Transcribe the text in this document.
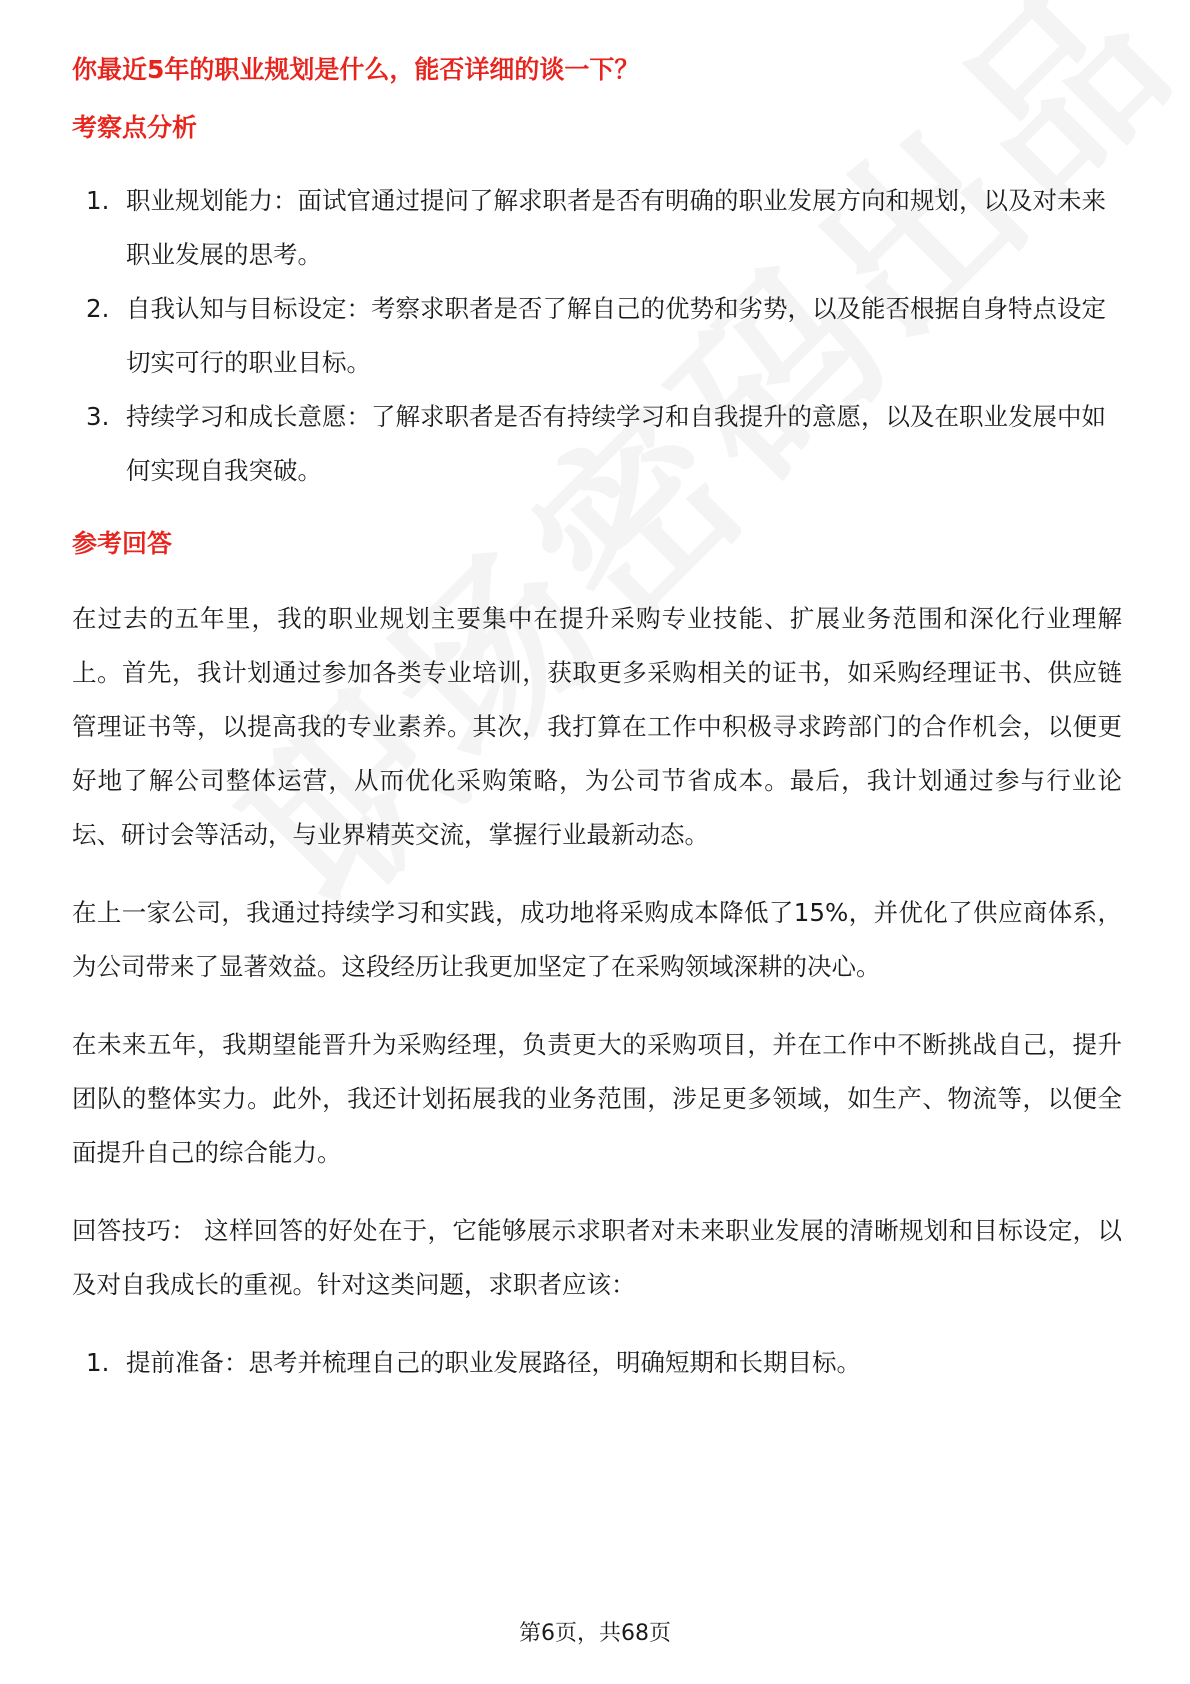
你最近5年的职业规划是什么，能否详细的谈一下？

考察点分析

1. 职业规划能力：面试官通过提问了解求职者是否有明确的职业发展方向和规划，以及对未来职业发展的思考。
2. 自我认知与目标设定：考察求职者是否了解自己的优势和劣势，以及能否根据自身特点设定切实可行的职业目标。
3. 持续学习和成长意愿：了解求职者是否有持续学习和自我提升的意愿，以及在职业发展中如何实现自我突破。

参考回答

在过去的五年里，我的职业规划主要集中在提升采购专业技能、扩展业务范围和深化行业理解上。首先，我计划通过参加各类专业培训，获取更多采购相关的证书，如采购经理证书、供应链管理证书等，以提高我的专业素养。其次，我打算在工作中积极寻求跨部门的合作机会，以便更好地了解公司整体运营，从而优化采购策略，为公司节省成本。最后，我计划通过参与行业论坛、研讨会等活动，与业界精英交流，掌握行业最新动态。

在上一家公司，我通过持续学习和实践，成功地将采购成本降低了15%，并优化了供应商体系，为公司带来了显著效益。这段经历让我更加坚定了在采购领域深耕的决心。

在未来五年，我期望能晋升为采购经理，负责更大的采购项目，并在工作中不断挑战自己，提升团队的整体实力。此外，我还计划拓展我的业务范围，涉足更多领域，如生产、物流等，以便全面提升自己的综合能力。

回答技巧： 这样回答的好处在于，它能够展示求职者对未来职业发展的清晰规划和目标设定，以及对自我成长的重视。针对这类问题，求职者应该：

1. 提前准备：思考并梳理自己的职业发展路径，明确短期和长期目标。
第6页，共68页
